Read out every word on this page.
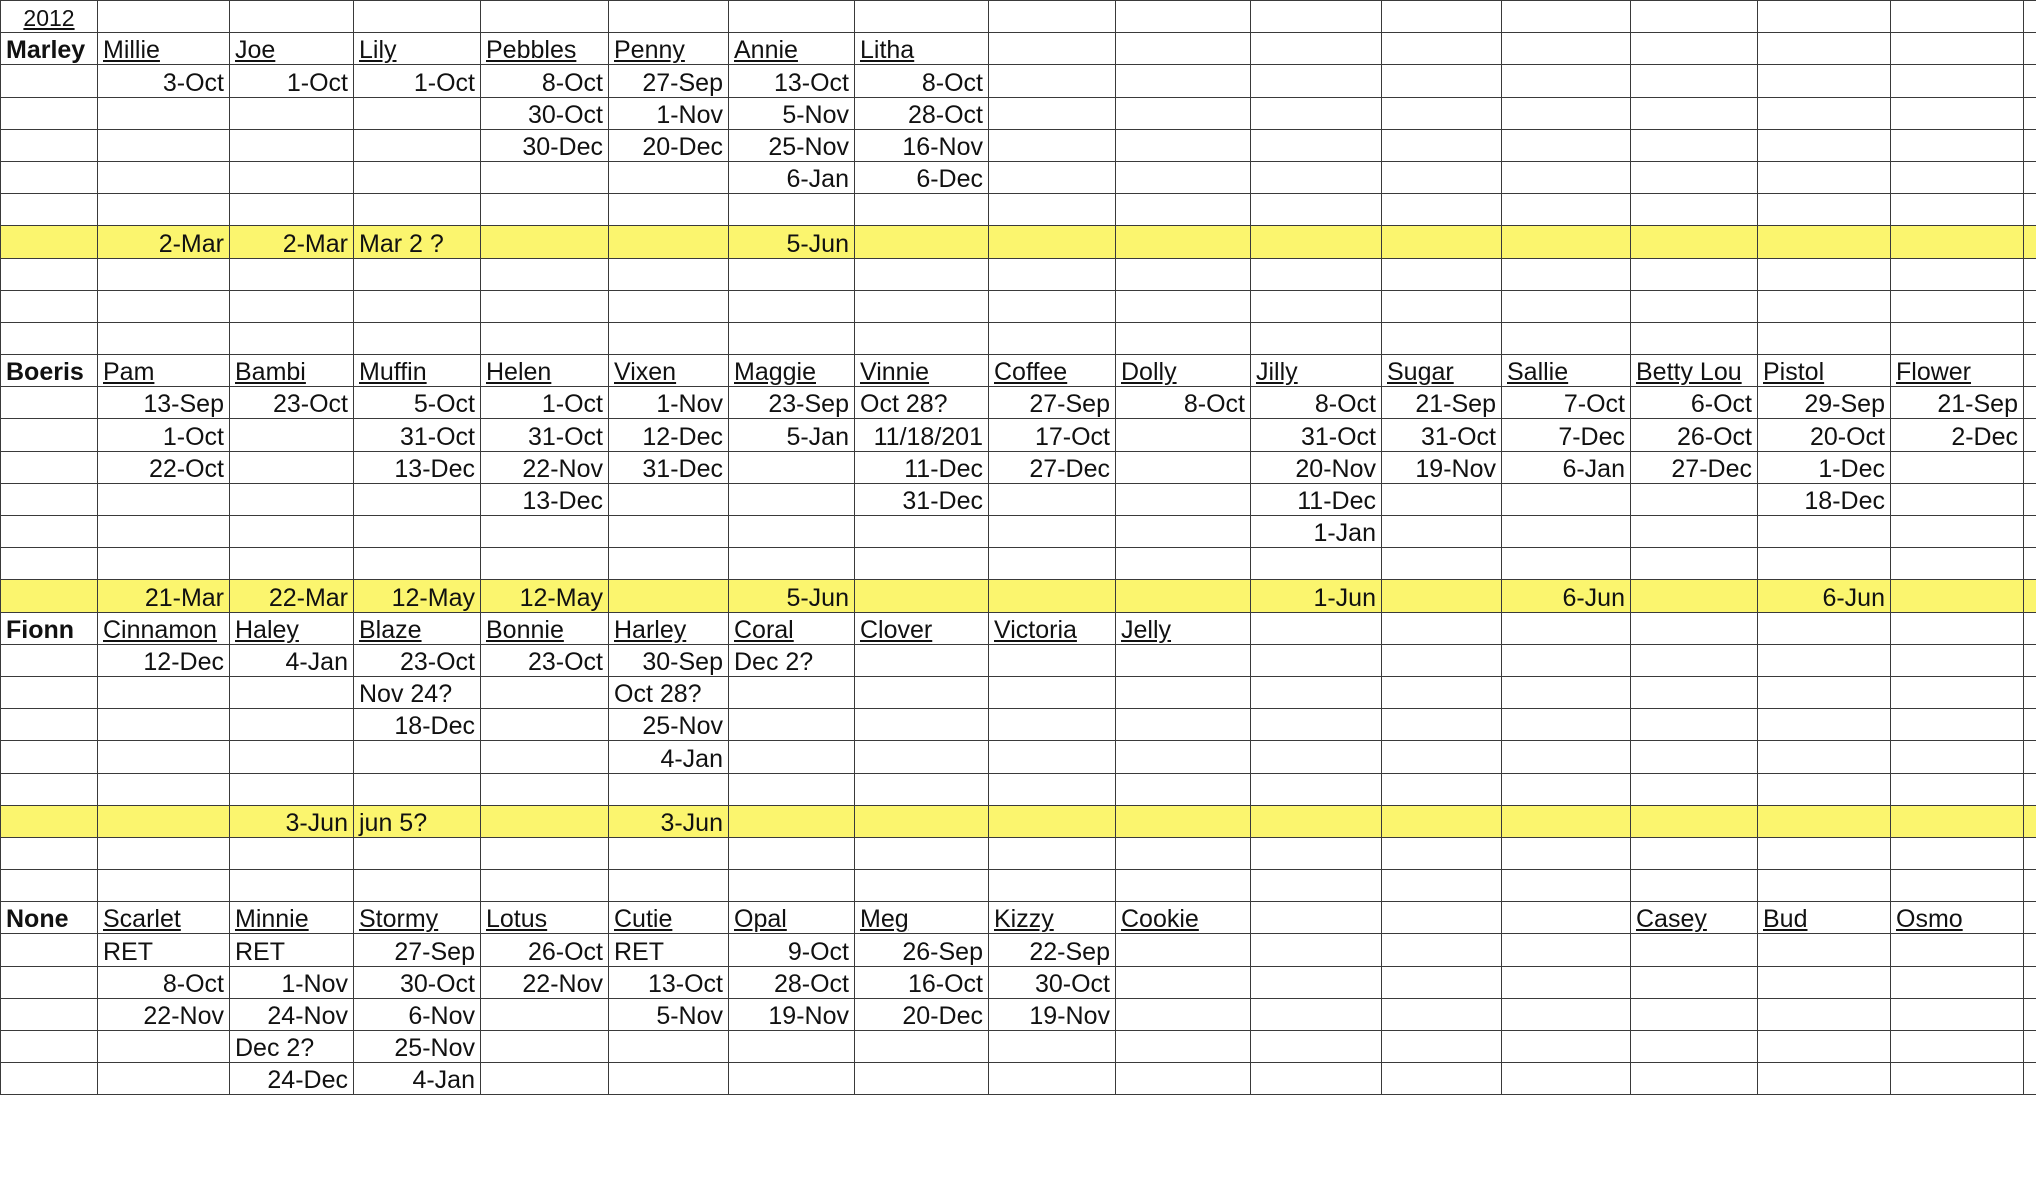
2012																
Marley	Millie	Joe	Lily	Pebbles	Penny	Annie	Litha									
	3-Oct	1-Oct	1-Oct	8-Oct	27-Sep	13-Oct	8-Oct									
				30-Oct	1-Nov	5-Nov	28-Oct									
				30-Dec	20-Dec	25-Nov	16-Nov									
						6-Jan	6-Dec									

	2-Mar	2-Mar	Mar 2 ?			5-Jun										

Boeris	Pam	Bambi	Muffin	Helen	Vixen	Maggie	Vinnie	Coffee	Dolly	Jilly	Sugar	Sallie	Betty Lou	Pistol	Flower	
	13-Sep	23-Oct	5-Oct	1-Oct	1-Nov	23-Sep	Oct 28?	27-Sep	8-Oct	8-Oct	21-Sep	7-Oct	6-Oct	29-Sep	21-Sep	
	1-Oct		31-Oct	31-Oct	12-Dec	5-Jan	11/18/201	17-Oct		31-Oct	31-Oct	7-Dec	26-Oct	20-Oct	2-Dec	
	22-Oct		13-Dec	22-Nov	31-Dec		11-Dec	27-Dec		20-Nov	19-Nov	6-Jan	27-Dec	1-Dec		
				13-Dec			31-Dec			11-Dec				18-Dec		
										1-Jan						

	21-Mar	22-Mar	12-May	12-May		5-Jun				1-Jun		6-Jun		6-Jun		
Fionn	Cinnamon	Haley	Blaze	Bonnie	Harley	Coral	Clover	Victoria	Jelly							
	12-Dec	4-Jan	23-Oct	23-Oct	30-Sep	Dec 2?										
			Nov 24?		Oct 28?											
			18-Dec		25-Nov											
					4-Jan											

		3-Jun	jun 5?		3-Jun											

None	Scarlet	Minnie	Stormy	Lotus	Cutie	Opal	Meg	Kizzy	Cookie				Casey	Bud	Osmo	
	RET	RET	27-Sep	26-Oct	RET	9-Oct	26-Sep	22-Sep								
	8-Oct	1-Nov	30-Oct	22-Nov	13-Oct	28-Oct	16-Oct	30-Oct								
	22-Nov	24-Nov	6-Nov		5-Nov	19-Nov	20-Dec	19-Nov								
		Dec 2?	25-Nov													
		24-Dec	4-Jan													
